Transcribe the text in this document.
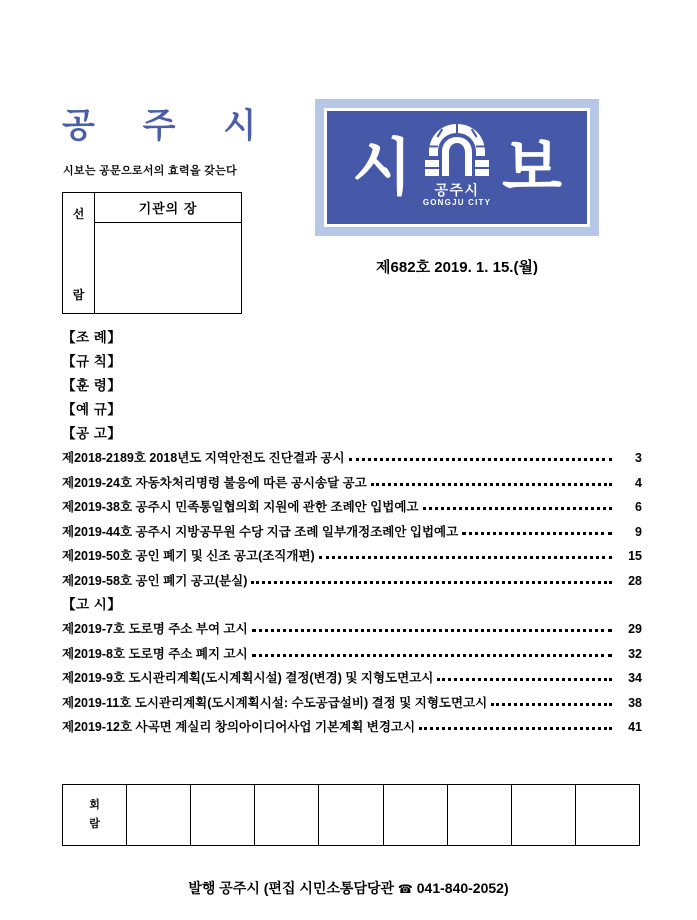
공 주 시
시보는 공문으로서의 효력을 갖는다
선
람
기관의 장
시 공주시
GONGJU CITY 보
제682호 2019. 1. 15.(월)
【조 례】
【규 칙】
【훈 령】
【예 규】
【공 고】
제2018-2189호 2018년도 지역안전도 진단결과 공시	3
제2019-24호 자동차처리명령 불응에 따른 공시송달 공고	4
제2019-38호 공주시 민족통일협의회 지원에 관한 조례안 입법예고	6
제2019-44호 공주시 지방공무원 수당 지급 조례 일부개정조례안 입법예고	9
제2019-50호 공인 폐기 및 신조 공고(조직개편)	15
제2019-58호 공인 폐기 공고(분실)	28
【고 시】
제2019-7호 도로명 주소 부여 고시	29
제2019-8호 도로명 주소 폐지 고시	32
제2019-9호 도시관리계획(도시계획시설) 결정(변경) 및 지형도면고시	34
제2019-11호 도시관리계획(도시계획시설: 수도공급설비) 결정 및 지형도면고시	38
제2019-12호 사곡면 계실리 창의아이디어사업 기본계획 변경고시	41
회
람
발행 공주시 (편집 시민소통담당관 ☎ 041-840-2052)
